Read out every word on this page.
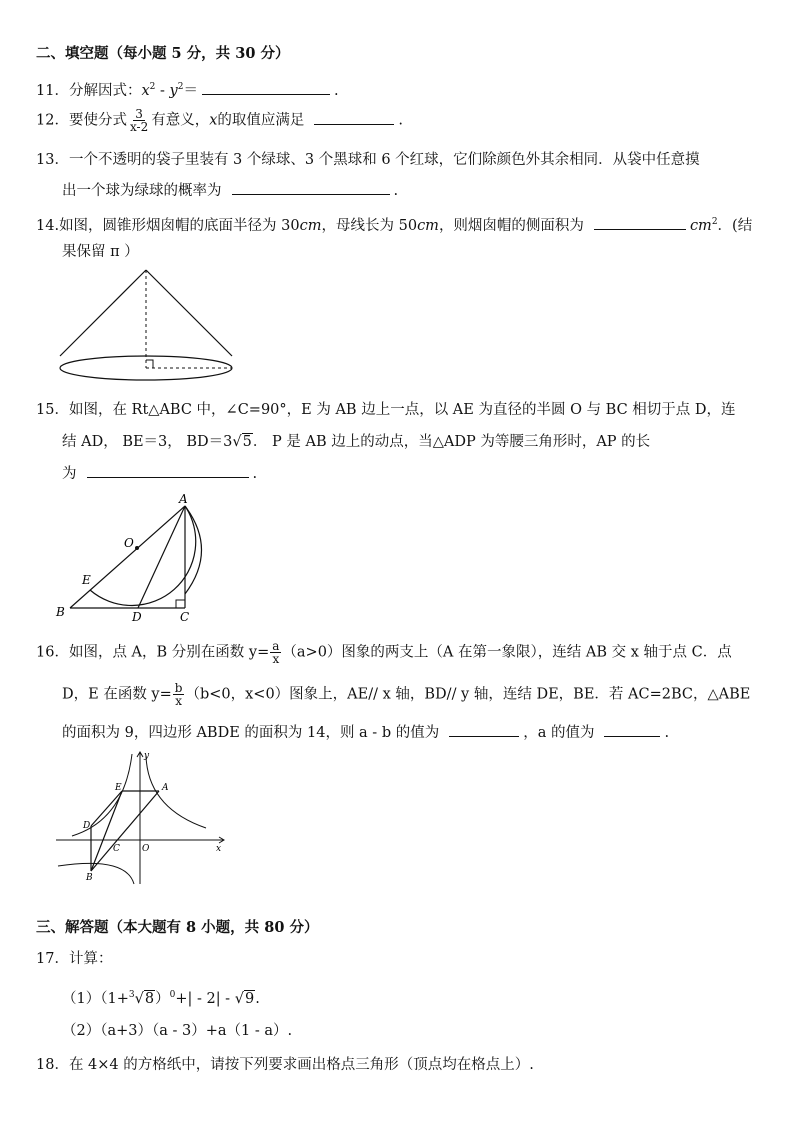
二、填空题（每小题 5 分，共 30 分）
11．分解因式：$x^2 - y^2=$	.
12．要使分式 $\frac{3}{x-2}$ 有意义，x的取值应满足	.
13．一个不透明的袋子里装有 3 个绿球、3 个黑球和 6 个红球，它们除颜色外其余相同．从袋中任意摸
出一个球为绿球的概率为	.
14.如图，圆锥形烟囱帽的底面半径为 30cm，母线长为 50cm，则烟囱帽的侧面积为	$cm^2$．(结
果保留 π ）
15．如图，在 Rt△ABC 中，∠C=90°，E 为 AB 边上一点，以 AE 为直径的半圆 O 与 BC 相切于点 D，连
结 AD， BE＝3， BD＝3√5． P 是 AB 边上的动点，当△ADP 为等腰三角形时，AP 的长
为	.
A
O
E
B	D	C
16．如图，点 A，B 分别在函数 $y= \frac{a}{x} (a>0)$图象的两支上（A 在第一象限），连结 AB 交 x 轴于点 C．点
D，E 在函数 $y= \frac{b}{x} (b<0$，x<0）图象上，AE// x 轴，BD// y 轴，连结 DE，BE．若 AC=2BC，△ABE
的面积为 9，四边形 ABDE 的面积为 14，则 a - b 的值为	，a 的值为	.
y
E	A
D
C O	x
B
三、解答题（本大题有 8 小题，共 80 分）
17．计算：
$(1)(1+^3√8)^0+| - 2| - √9$.
（2）（a+3）（a - 3）+a（1 - a）.
18．在 4×4 的方格纸中，请按下列要求画出格点三角形（顶点均在格点上）.
